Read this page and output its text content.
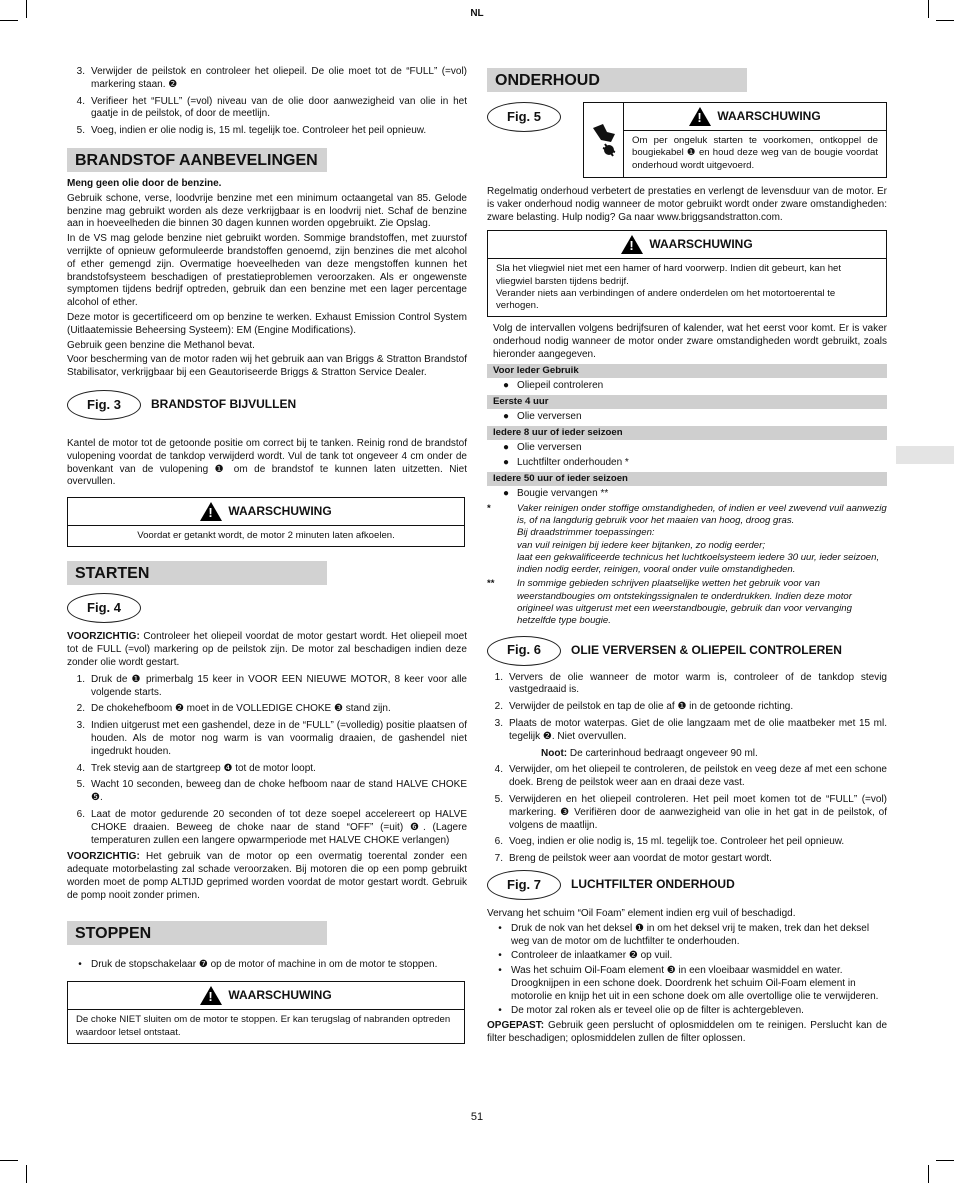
NL
3. Verwijder de peilstok en controleer het oliepeil. De olie moet tot de “FULL” (=vol) markering staan. ❷
4. Verifieer het “FULL” (=vol) niveau van de olie door aanwezigheid van olie in het gaatje in de peilstok, of door de meetlijn.
5. Voeg, indien er olie nodig is, 15 ml. tegelijk toe. Controleer het peil opnieuw.
BRANDSTOF AANBEVELINGEN
Meng geen olie door de benzine.
Gebruik schone, verse, loodvrije benzine met een minimum octaangetal van 85. Gelode benzine mag gebruikt worden als deze verkrijgbaar is en loodvrij niet. Schaf de benzine aan in hoeveelheden die binnen 30 dagen kunnen worden opgebruikt. Zie Opslag.
In de VS mag gelode benzine niet gebruikt worden. Sommige brandstoffen, met zuurstof verrijkte of opnieuw geformuleerde brandstoffen genoemd, zijn benzines die met alcohol of ether gemengd zijn. Overmatige hoeveelheden van deze mengstoffen kunnen het brandstofsysteem beschadigen of prestatieproblemen veroorzaken. Als er ongewenste symptomen tijdens bedrijf optreden, gebruik dan een benzine met een lager percentage alcohol of ether.
Deze motor is gecertificeerd om op benzine te werken. Exhaust Emission Control System (Uitlaatemissie Beheersing Systeem): EM (Engine Modifications).
Gebruik geen benzine die Methanol bevat.
Voor bescherming van de motor raden wij het gebruik aan van Briggs & Stratton Brandstof Stabilisator, verkrijgbaar bij een Geautoriseerde Briggs & Stratton Service Dealer.
Fig. 3	BRANDSTOF BIJVULLEN
Kantel de motor tot de getoonde positie om correct bij te tanken. Reinig rond de brandstof vulopening voordat de tankdop verwijderd wordt. Vul de tank tot ongeveer 4 cm onder de bovenkant van de vulopening ❶ om de brandstof te kunnen laten uitzetten. Niet overvullen.
!
WAARSCHUWING
Voordat er getankt wordt, de motor 2 minuten laten afkoelen.
STARTEN
Fig. 4
VOORZICHTIG: Controleer het oliepeil voordat de motor gestart wordt. Het oliepeil moet tot de FULL (=vol) markering op de peilstok zijn. De motor zal beschadigen indien deze zonder olie wordt gestart.
1. Druk de ❶ primerbalg 15 keer in VOOR EEN NIEUWE MOTOR, 8 keer voor alle volgende starts.
2. De chokehefboom ❷ moet in de VOLLEDIGE CHOKE ❸ stand zijn.
3. Indien uitgerust met een gashendel, deze in de “FULL” (=volledig) positie plaatsen of houden. Als de motor nog warm is van voormalig draaien, de gashendel niet ingedrukt houden.
4. Trek stevig aan de startgreep ❹ tot de motor loopt.
5. Wacht 10 seconden, beweeg dan de choke hefboom naar de stand HALVE CHOKE ❺.
6. Laat de motor gedurende 20 seconden of tot deze soepel accelereert op HALVE CHOKE draaien. Beweeg de choke naar de stand “OFF” (=uit) ❻. (Lagere temperaturen zullen een langere opwarmperiode met HALVE CHOKE verlangen)
VOORZICHTIG: Het gebruik van de motor op een overmatig toerental zonder een adequate motorbelasting zal schade veroorzaken. Bij motoren die op een pomp gebruikt worden moet de pomp ALTIJD geprimed worden voordat de motor gestart wordt. Gebruik de pomp nooit zonder primen.
STOPPEN
• Druk de stopschakelaar ❼ op de motor of machine in om de motor te stoppen.
!
WAARSCHUWING
De choke NIET sluiten om de motor te stoppen. Er kan terugslag of nabranden optreden waardoor letsel ontstaat.
ONDERHOUD
Fig. 5
!	WAARSCHUWING
Om per ongeluk starten te voorkomen, ontkoppel de bougiekabel ❶ en houd deze weg van de bougie voordat onderhoud wordt uitgevoerd.
Regelmatig onderhoud verbetert de prestaties en verlengt de levensduur van de motor. Er is vaker onderhoud nodig wanneer de motor gebruikt wordt onder zware omstandigheden: zware belasting. Hulp nodig? Ga naar www.briggsandstratton.com.
!
WAARSCHUWING
Sla het vliegwiel niet met een hamer of hard voorwerp. Indien dit gebeurt, kan het vliegwiel barsten tijdens bedrijf.
Verander niets aan verbindingen of andere onderdelen om het motortoerental te verhogen.
Volg de intervallen volgens bedrijfsuren of kalender, wat het eerst voor komt. Er is vaker onderhoud nodig wanneer de motor onder zware omstandigheden wordt gebruikt, zoals hieronder aangegeven.
Voor Ieder Gebruik
● Oliepeil controleren
Eerste 4 uur
● Olie verversen
Iedere 8 uur of ieder seizoen
● Olie verversen
● Luchtfilter onderhouden *
Iedere 50 uur of ieder seizoen
● Bougie vervangen **
*	Vaker reinigen onder stoffige omstandigheden, of indien er veel zwevend vuil aanwezig is, of na langdurig gebruik voor het maaien van hoog, droog gras.
Bij draadstrimmer toepassingen:
van vuil reinigen bij iedere keer bijtanken, zo nodig eerder;
laat een gekwalificeerde technicus het luchtkoelsysteem iedere 30 uur, ieder seizoen, indien nodig eerder, reinigen, vooral onder vuile omstandigheden.
**	In sommige gebieden schrijven plaatselijke wetten het gebruik voor van weerstandbougies om ontstekingssignalen te onderdrukken. Indien deze motor origineel was uitgerust met een weerstandbougie, gebruik dan voor vervanging hetzelfde type bougie.
Fig. 6	OLIE VERVERSEN & OLIEPEIL CONTROLEREN
1. Ververs de olie wanneer de motor warm is, controleer of de tankdop stevig vastgedraaid is.
2. Verwijder de peilstok en tap de olie af ❶ in de getoonde richting.
3. Plaats de motor waterpas. Giet de olie langzaam met de olie maatbeker met 15 ml. tegelijk ❷. Niet overvullen.
Noot: De carterinhoud bedraagt ongeveer 90 ml.
4. Verwijder, om het oliepeil te controleren, de peilstok en veeg deze af met een schone doek. Breng de peilstok weer aan en draai deze vast.
5. Verwijderen en het oliepeil controleren. Het peil moet komen tot de “FULL” (=vol) markering. ❸ Verifiëren door de aanwezigheid van olie in het gat in de peilstok, of volgens de maatlijn.
6. Voeg, indien er olie nodig is, 15 ml. tegelijk toe. Controleer het peil opnieuw.
7. Breng de peilstok weer aan voordat de motor gestart wordt.
Fig. 7	LUCHTFILTER ONDERHOUD
Vervang het schuim “Oil Foam” element indien erg vuil of beschadigd.
• Druk de nok van het deksel ❶ in om het deksel vrij te maken, trek dan het deksel weg van de motor om de luchtfilter te onderhouden.
• Controleer de inlaatkamer ❷ op vuil.
• Was het schuim Oil-Foam element ❸ in een vloeibaar wasmiddel en water. Droogknijpen in een schone doek. Doordrenk het schuim Oil-Foam element in motorolie en knijp het uit in een schone doek om alle overtollige olie te verwijderen.
• De motor zal roken als er teveel olie op de filter is achtergebleven.
OPGEPAST: Gebruik geen perslucht of oplosmiddelen om te reinigen. Perslucht kan de filter beschadigen; oplosmiddelen zullen de filter oplossen.
51
